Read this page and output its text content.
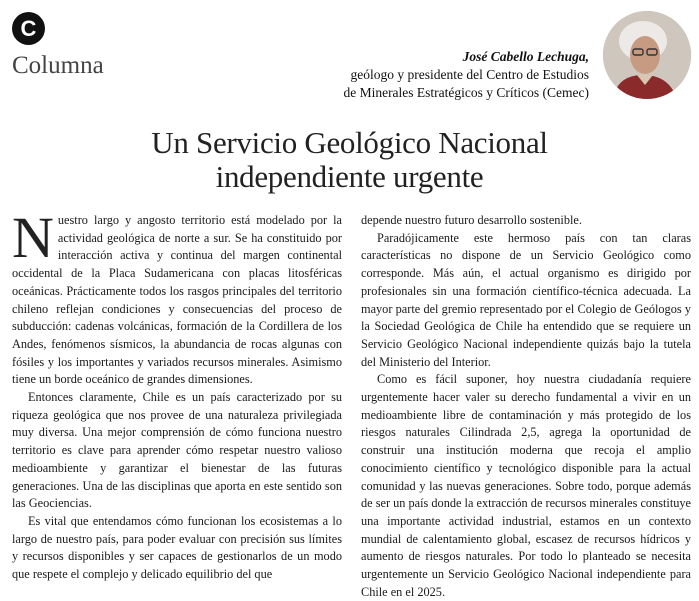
C
Columna	José Cabello Lechuga,
geólogo y presidente del Centro de Estudios
de Minerales Estratégicos y Críticos (Cemec)
Un Servicio Geológico Nacional
independiente urgente

Nuestro largo y angosto territorio está modelado por la actividad geológica de norte a sur. Se ha constituido por interacción activa y continua del margen continental occidental de la Placa Sudamericana con placas litosféricas oceánicas. Prácticamente todos los rasgos principales del territorio chileno reflejan condiciones y consecuencias del proceso de subducción: cadenas volcánicas, formación de la Cordillera de los Andes, fenómenos sísmicos, la abundancia de rocas algunas con fósiles y los importantes y variados recursos minerales. Asimismo tiene un borde oceánico de grandes dimensiones.

Entonces claramente, Chile es un país caracterizado por su riqueza geológica que nos provee de una naturaleza privilegiada muy diversa. Una mejor comprensión de cómo funciona nuestro territorio es clave para aprender cómo respetar nuestro valioso medioambiente y garantizar el bienestar de las futuras generaciones. Una de las disciplinas que aporta en este sentido son las Geociencias.

Es vital que entendamos cómo funcionan los ecosistemas a lo largo de nuestro país, para poder evaluar con precisión sus límites y recursos disponibles y ser capaces de gestionarlos de un modo que respete el complejo y delicado equilibrio del que

depende nuestro futuro desarrollo sostenible.

Paradójicamente este hermoso país con tan claras características no dispone de un Servicio Geológico como corresponde. Más aún, el actual organismo es dirigido por profesionales sin una formación científico-técnica adecuada. La mayor parte del gremio representado por el Colegio de Geólogos y la Sociedad Geológica de Chile ha entendido que se requiere un Servicio Geológico Nacional independiente quizás bajo la tutela del Ministerio del Interior.

Como es fácil suponer, hoy nuestra ciudadanía requiere urgentemente hacer valer su derecho fundamental a vivir en un medioambiente libre de contaminación y más protegido de los riesgos naturales Cilindrada 2,5, agrega la oportunidad de construir una institución moderna que recoja el amplio conocimiento científico y tecnológico disponible para la actual comunidad y las nuevas generaciones. Sobre todo, porque además de ser un país donde la extracción de recursos minerales constituye una importante actividad industrial, estamos en un contexto mundial de calentamiento global, escasez de recursos hídricos y aumento de riesgos naturales. Por todo lo planteado se necesita urgentemente un Servicio Geológico Nacional independiente para Chile en el 2025.
